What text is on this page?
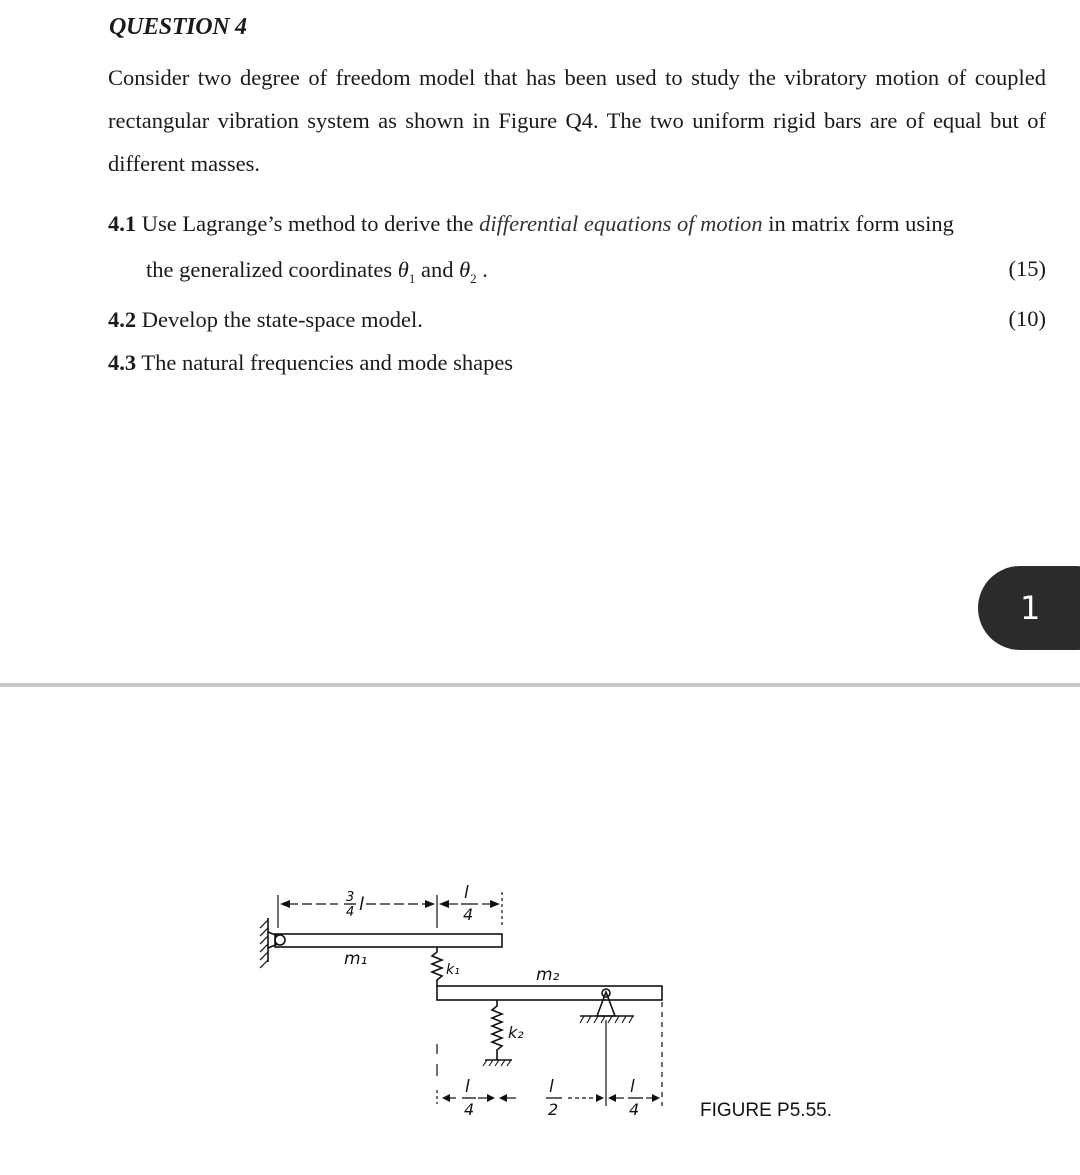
QUESTION 4
Consider two degree of freedom model that has been used to study the vibratory motion of coupled rectangular vibration system as shown in Figure Q4. The two uniform rigid bars are of equal but of different masses.
4.1 Use Lagrange’s method to derive the differential equations of motion in matrix form using
the generalized coordinates $\theta_1$ and $\theta_2$ .	(15)
4.2 Develop the state-space model.	(10)
4.3 The natural frequencies and mode shapes
1
3
4 l
l
4
m₁
k₁	m₂
k₂
l
4
l
2
l
4	FIGURE P5.55.
